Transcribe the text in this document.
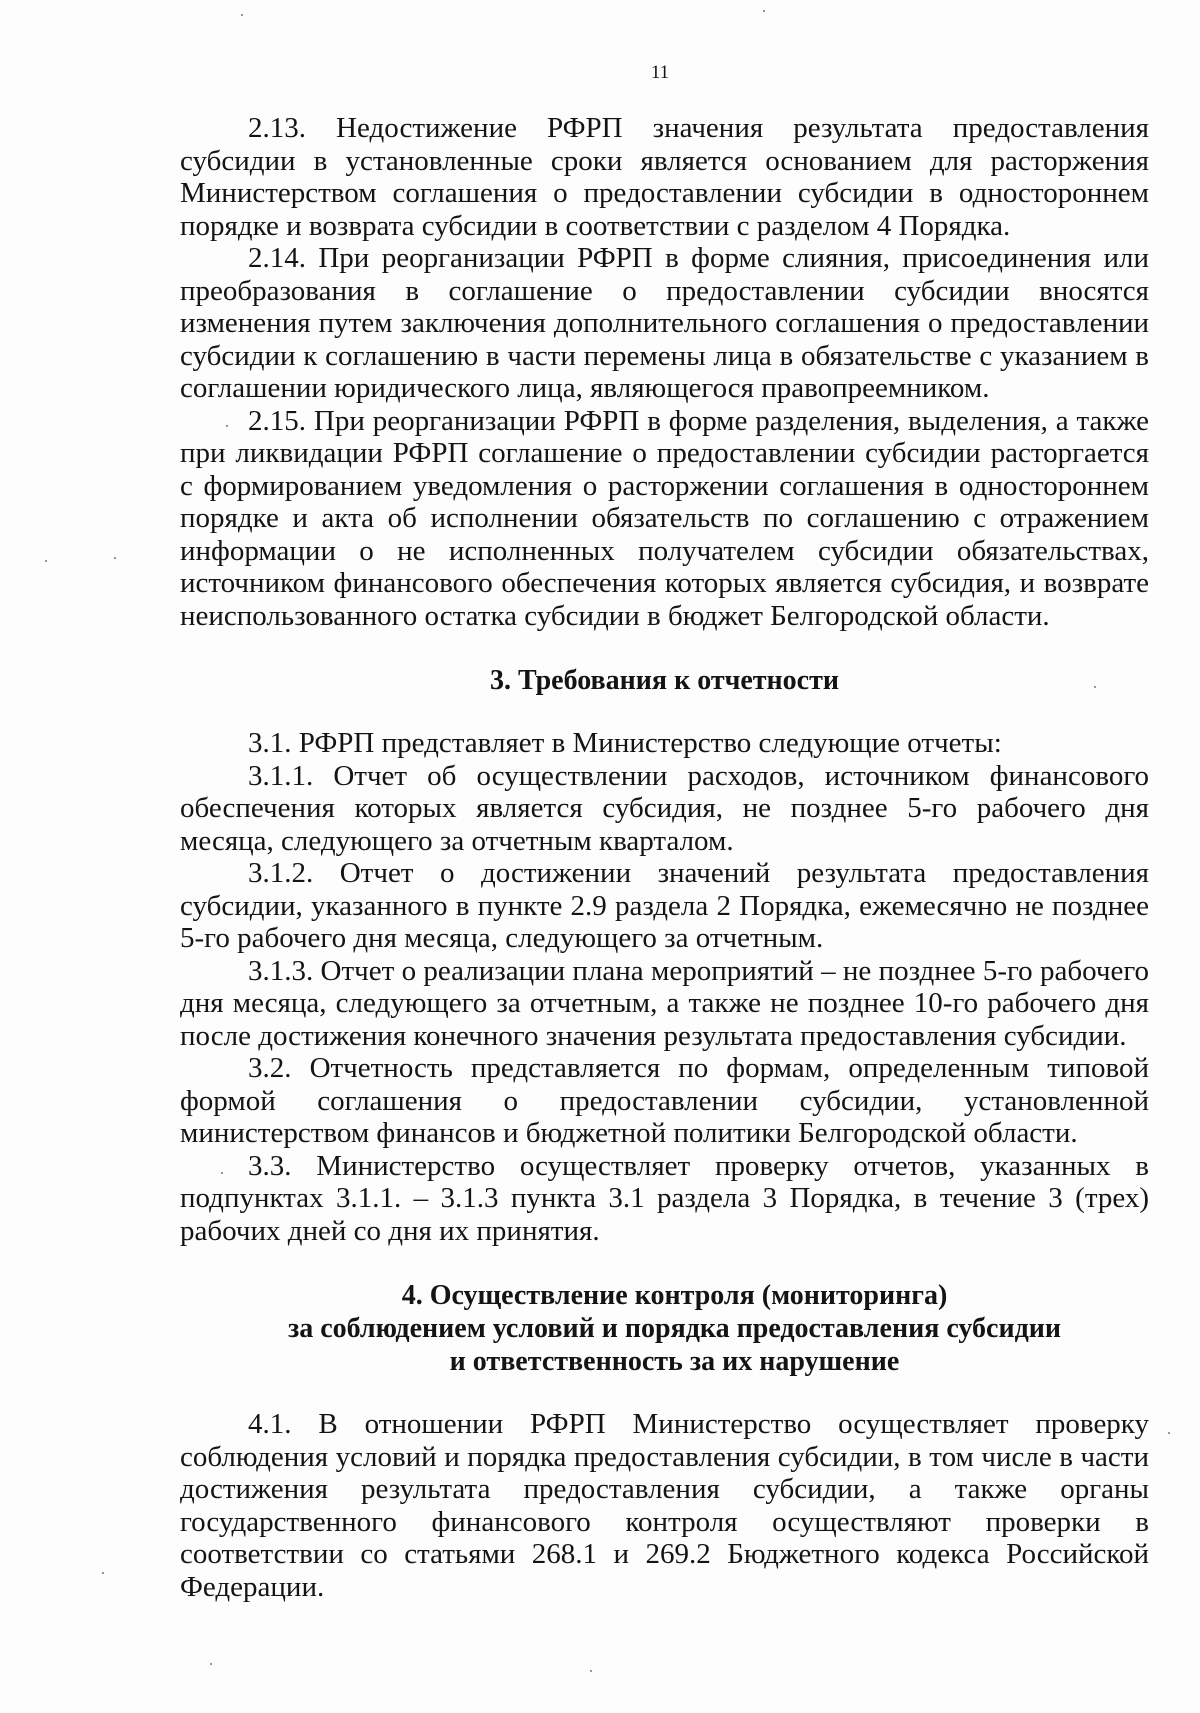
11

2.13. Недостижение РФРП значения результата предоставления субсидии в установленные сроки является основанием для расторжения Министерством соглашения о предоставлении субсидии в одностороннем порядке и возврата субсидии в соответствии с разделом 4 Порядка.

2.14. При реорганизации РФРП в форме слияния, присоединения или преобразования в соглашение о предоставлении субсидии вносятся изменения путем заключения дополнительного соглашения о предоставлении субсидии к соглашению в части перемены лица в обязательстве с указанием в соглашении юридического лица, являющегося правопреемником.

2.15. При реорганизации РФРП в форме разделения, выделения, а также при ликвидации РФРП соглашение о предоставлении субсидии расторгается с формированием уведомления о расторжении соглашения в одностороннем порядке и акта об исполнении обязательств по соглашению с отражением информации о не исполненных получателем субсидии обязательствах, источником финансового обеспечения которых является субсидия, и возврате неиспользованного остатка субсидии в бюджет Белгородской области.

3. Требования к отчетности

3.1. РФРП представляет в Министерство следующие отчеты:

3.1.1. Отчет об осуществлении расходов, источником финансового обеспечения которых является субсидия, не позднее 5-го рабочего дня месяца, следующего за отчетным кварталом.

3.1.2. Отчет о достижении значений результата предоставления субсидии, указанного в пункте 2.9 раздела 2 Порядка, ежемесячно не позднее 5-го рабочего дня месяца, следующего за отчетным.

3.1.3. Отчет о реализации плана мероприятий – не позднее 5-го рабочего дня месяца, следующего за отчетным, а также не позднее 10-го рабочего дня после достижения конечного значения результата предоставления субсидии.

3.2. Отчетность представляется по формам, определенным типовой формой соглашения о предоставлении субсидии, установленной министерством финансов и бюджетной политики Белгородской области.

3.3. Министерство осуществляет проверку отчетов, указанных в подпунктах 3.1.1. – 3.1.3 пункта 3.1 раздела 3 Порядка, в течение 3 (трех) рабочих дней со дня их принятия.

4. Осуществление контроля (мониторинга)
за соблюдением условий и порядка предоставления субсидии
и ответственность за их нарушение

4.1. В отношении РФРП Министерство осуществляет проверку соблюдения условий и порядка предоставления субсидии, в том числе в части достижения результата предоставления субсидии, а также органы государственного финансового контроля осуществляют проверки в соответствии со статьями 268.1 и 269.2 Бюджетного кодекса Российской Федерации.
